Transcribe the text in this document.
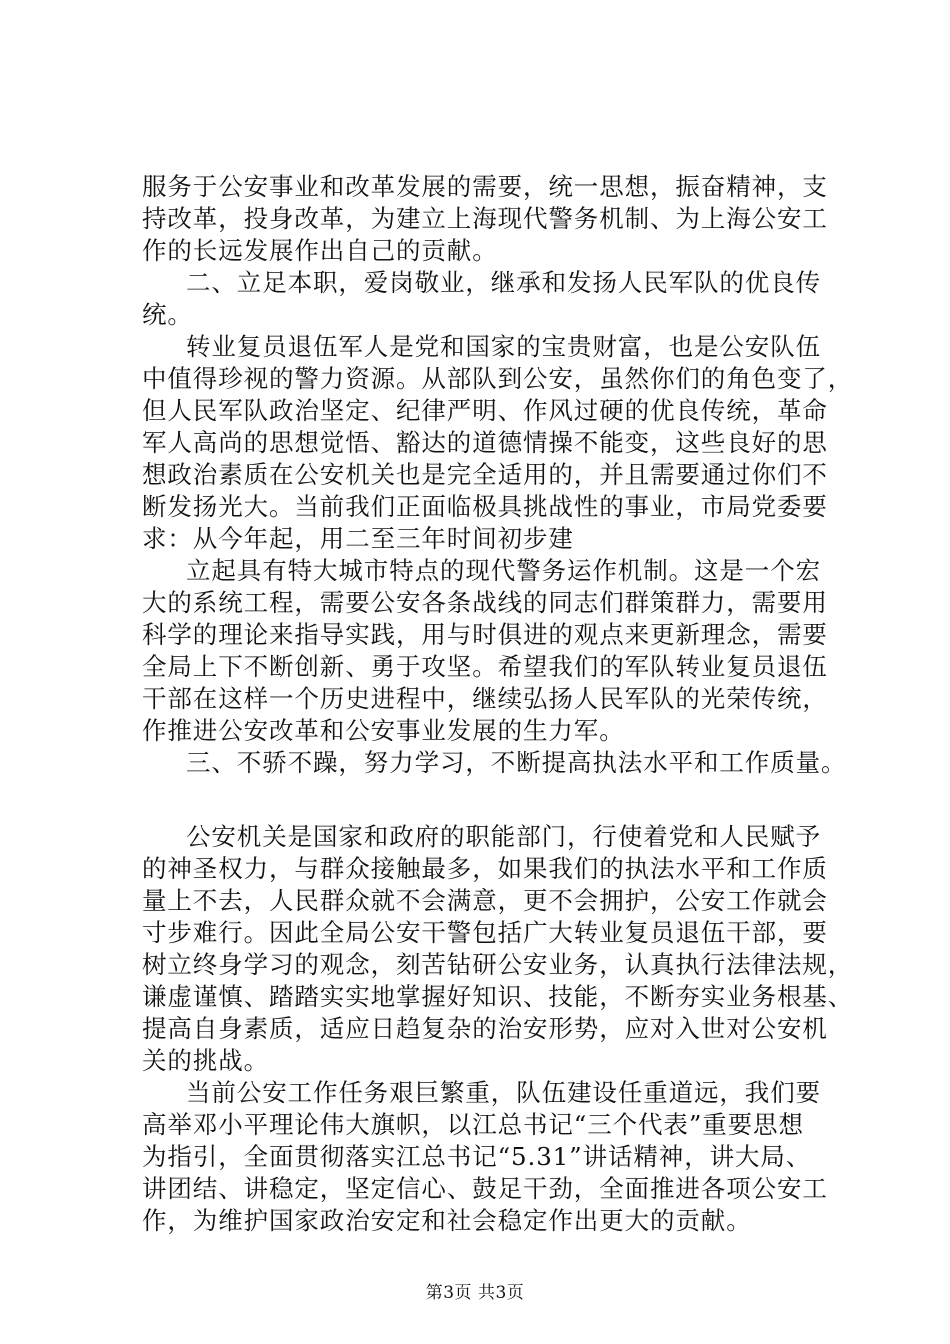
服务于公安事业和改革发展的需要，统一思想，振奋精神，支
持改革，投身改革，为建立上海现代警务机制、为上海公安工
作的长远发展作出自己的贡献。
二、立足本职，爱岗敬业，继承和发扬人民军队的优良传
统。
转业复员退伍军人是党和国家的宝贵财富，也是公安队伍
中值得珍视的警力资源。从部队到公安，虽然你们的角色变了，
但人民军队政治坚定、纪律严明、作风过硬的优良传统，革命
军人高尚的思想觉悟、豁达的道德情操不能变，这些良好的思
想政治素质在公安机关也是完全适用的，并且需要通过你们不
断发扬光大。当前我们正面临极具挑战性的事业，市局党委要
求：从今年起，用二至三年时间初步建
立起具有特大城市特点的现代警务运作机制。这是一个宏
大的系统工程，需要公安各条战线的同志们群策群力，需要用
科学的理论来指导实践，用与时俱进的观点来更新理念，需要
全局上下不断创新、勇于攻坚。希望我们的军队转业复员退伍
干部在这样一个历史进程中，继续弘扬人民军队的光荣传统，
作推进公安改革和公安事业发展的生力军。
三、不骄不躁，努力学习，不断提高执法水平和工作质量。
公安机关是国家和政府的职能部门，行使着党和人民赋予
的神圣权力，与群众接触最多，如果我们的执法水平和工作质
量上不去，人民群众就不会满意，更不会拥护，公安工作就会
寸步难行。因此全局公安干警包括广大转业复员退伍干部，要
树立终身学习的观念，刻苦钻研公安业务，认真执行法律法规，
谦虚谨慎、踏踏实实地掌握好知识、技能，不断夯实业务根基、
提高自身素质，适应日趋复杂的治安形势，应对入世对公安机
关的挑战。
当前公安工作任务艰巨繁重，队伍建设任重道远，我们要
高举邓小平理论伟大旗帜，以江总书记“三个代表”重要思想
为指引，全面贯彻落实江总书记“5.31”讲话精神，讲大局、
讲团结、讲稳定，坚定信心、鼓足干劲，全面推进各项公安工
作，为维护国家政治安定和社会稳定作出更大的贡献。
第3页 共3页
